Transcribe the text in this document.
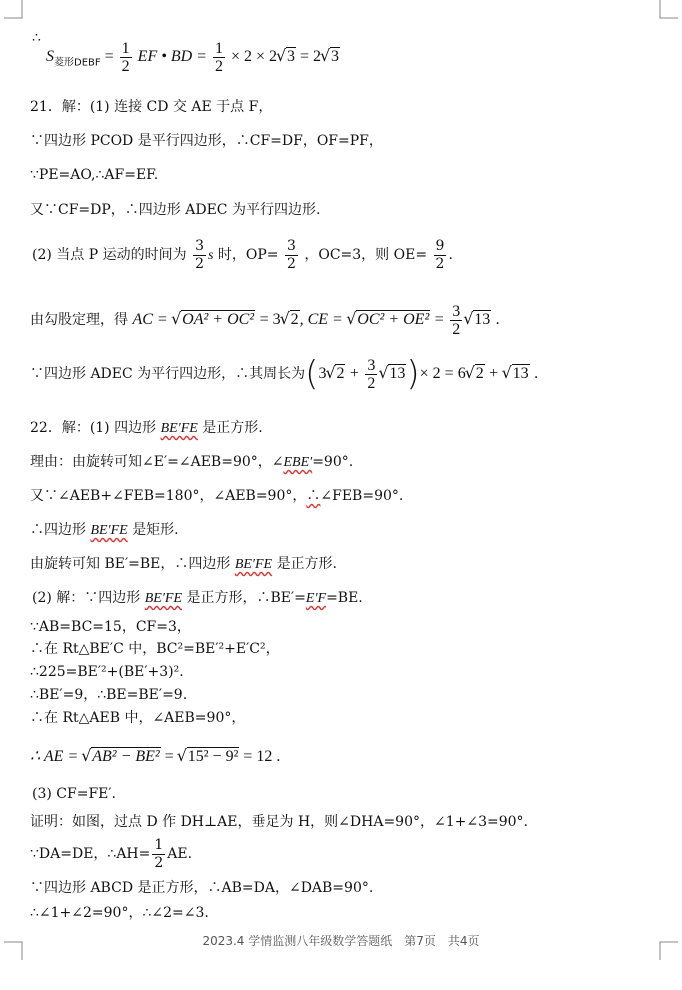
∴
$S_{菱形DEBF} = \frac{1}{2}$ EF • BD = $\frac{1}{2} \times 2 \times 2√$ 3 = 2√ 3
21．解：(1) 连接 CD 交 AE 于点 F，
∵四边形 PCOD 是平行四边形，∴CF=DF，OF=PF，
∵PE=AO,∴AF=EF.
又∵CF=DP，∴四边形 ADEC 为平行四边形.
(2) 当点 P 运动的时间为 $\frac{3}{2}$ s 时，$OP= \frac{3}{2}$ ，OC=3，则 $OE= \frac{9}{2}$ .
由勾股定理，得 AC = √ OA² + OC² = 3√ 2, CE = √ $OC^2 + OE^2 = \frac{3}{2}$
√ 13 .
∵四边形 ADEC 为平行四边形，∴其周长为(3√ $2 + \frac{3}{2}$
√ 13)× 2 = 6√ 2 + √ 13 .
22．解：(1) 四边形 BE′FE 是正方形.
理由：由旋转可知∠E′=∠AEB=90°，∠EBE′=90°.
又∵∠AEB+∠FEB=180°，∠AEB=90°，∴∠FEB=90°.
∴四边形 BE′FE 是矩形.
由旋转可知 BE′=BE，∴四边形 BE′FE 是正方形.
(2) 解：∵四边形 BE′FE 是正方形，∴BE′=E′F=BE.
∵AB=BC=15，CF=3，
∴在 Rt△BE′C 中，BC²=BE′²+E′C²，
∴225=BE′²+(BE′+3)².
∴BE′=9，∴BE=BE′=9.
∴在 Rt△AEB 中，∠AEB=90°，
∴ AE = √ AB² − BE² = √ 15² − 9² = 12 .
(3) CF=FE′.
证明：如图，过点 D 作 DH⊥AE，垂足为 H，则∠DHA=90°，∠1+∠3=90°.
∵DA=DE，∴AH= $\frac{1}{2}$ AE.
∵四边形 ABCD 是正方形，∴AB=DA，∠DAB=90°.
∴∠1+∠2=90°，∴∠2=∠3.
2023.4 学情监测八年级数学答题纸　第7页　共4页
